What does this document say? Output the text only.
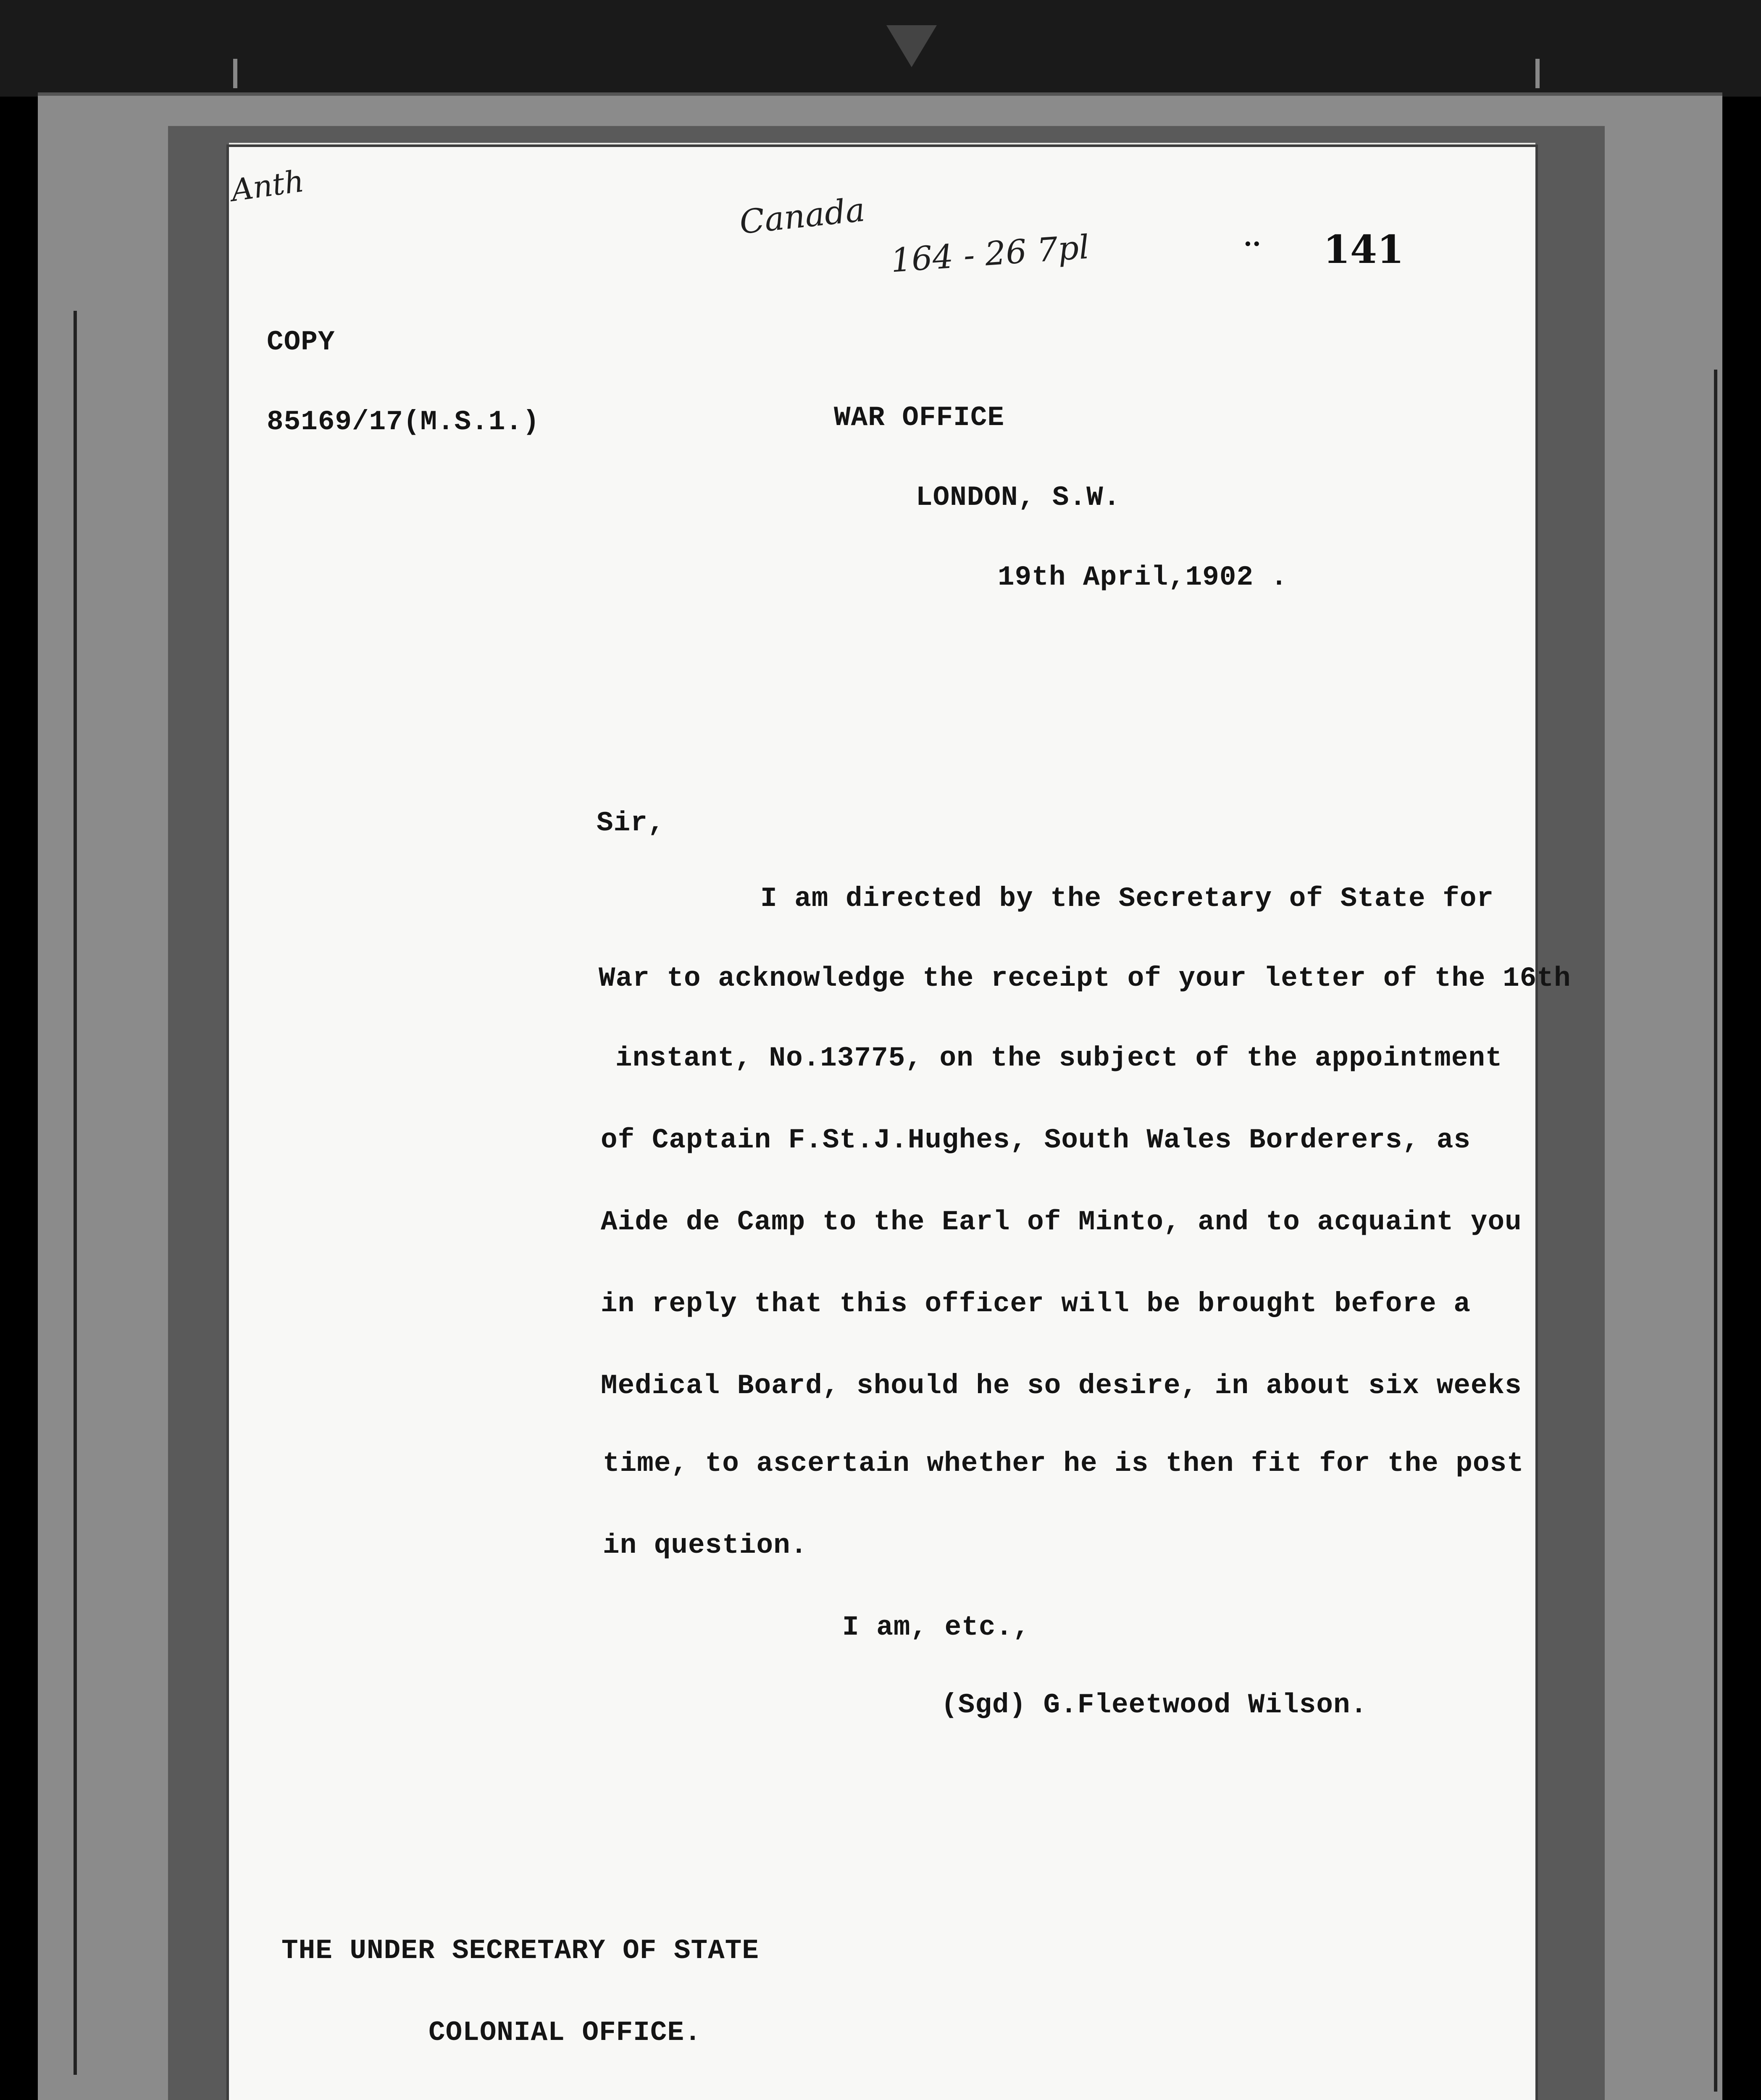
Anth

Canada

164 - 26 7pl	.. 141

COPY

85169/17(M.S.1.)	WAR OFFICE

LONDON, S.W.

19th April,1902 .

Sir,

I am directed by the Secretary of State for

War to acknowledge the receipt of your letter of the 16th

instant, No.13775, on the subject of the appointment

of Captain F.St.J.Hughes, South Wales Borderers, as

Aide de Camp to the Earl of Minto, and to acquaint you

in reply that this officer will be brought before a

Medical Board, should he so desire, in about six weeks

time, to ascertain whether he is then fit for the post

in question.

I am, etc.,

(Sgd) G.Fleetwood Wilson.

THE UNDER SECRETARY OF STATE

COLONIAL OFFICE.
